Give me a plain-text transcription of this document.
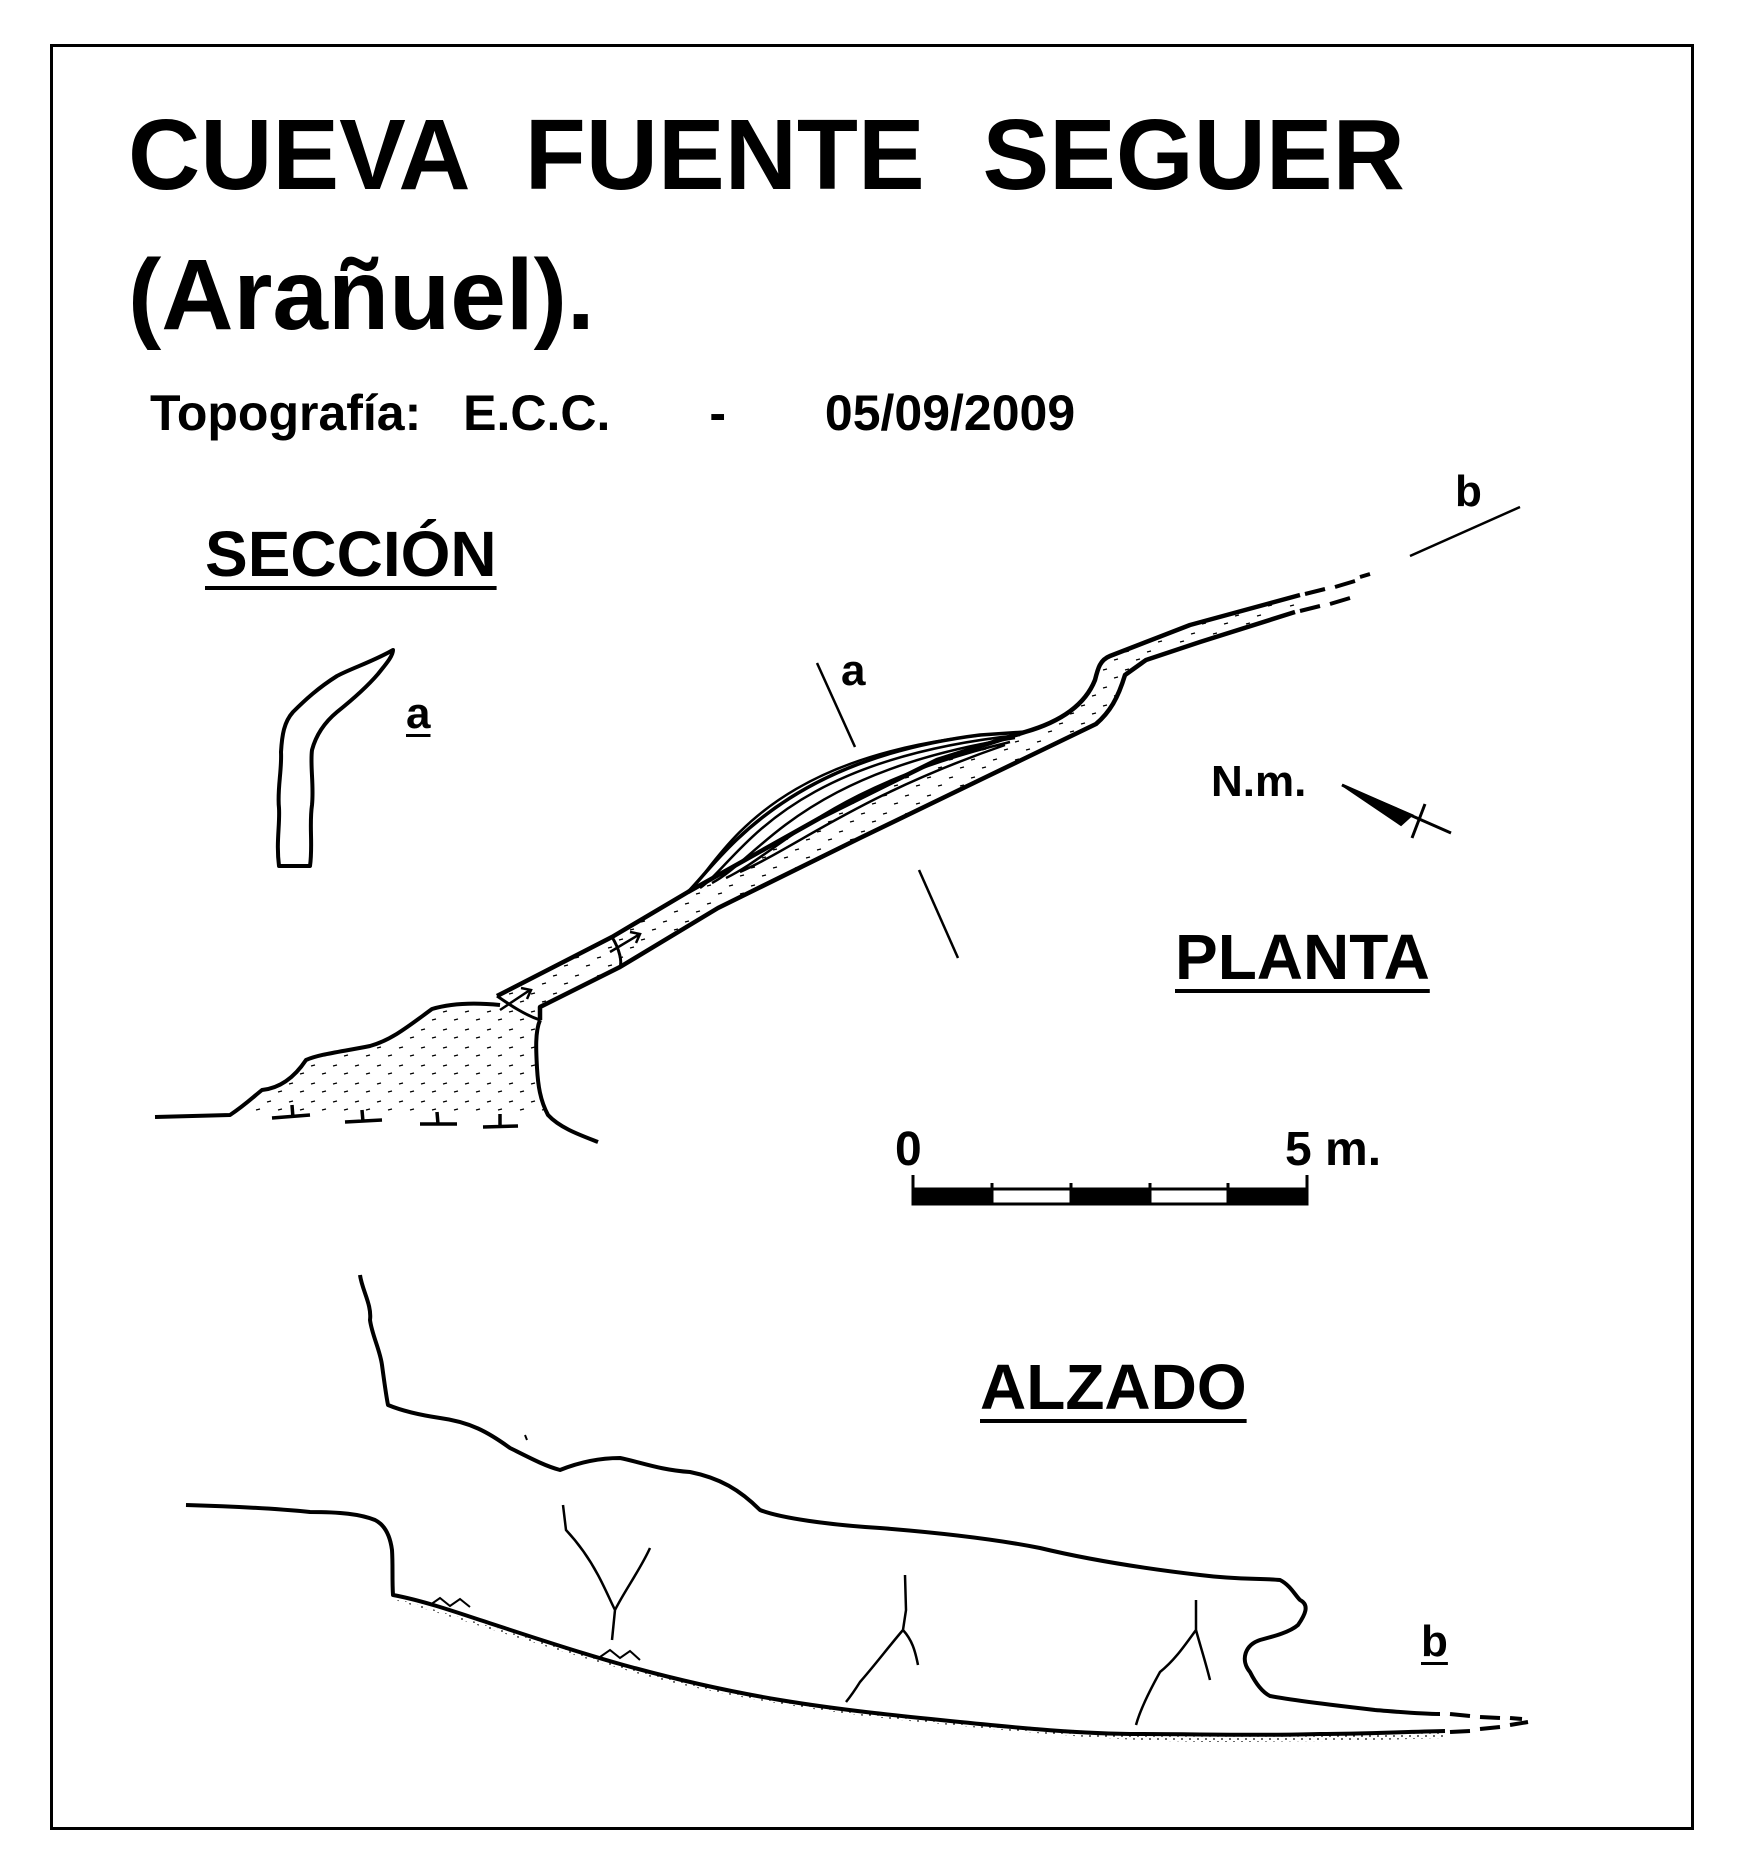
CUEVA FUENTE SEGUER
(Arañuel).
Topografía: E.C.C. - 05/09/2009
SECCIÓN
PLANTA
ALZADO
a
a
b
b
N.m.
0	5 m.
